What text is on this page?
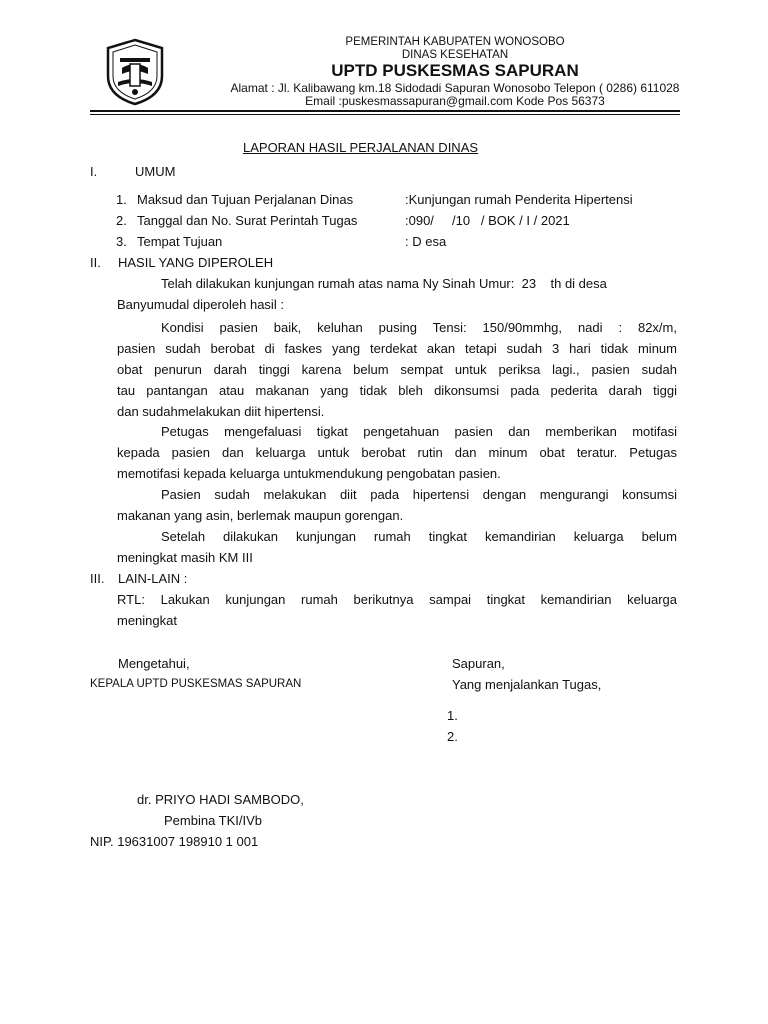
PEMERINTAH KABUPATEN WONOSOBO
DINAS KESEHATAN
UPTD PUSKESMAS SAPURAN
Alamat : Jl. Kalibawang km.18 Sidodadi Sapuran Wonosobo Telepon ( 0286) 611028
Email :puskesmassapuran@gmail.com Kode Pos 56373
LAPORAN HASIL PERJALANAN DINAS
I.	UMUM
1. Maksud dan Tujuan Perjalanan Dinas	:Kunjungan rumah Penderita Hipertensi
2. Tanggal dan No. Surat Perintah Tugas	:090/     /10   / BOK / I / 2021
3. Tempat Tujuan	: D esa
II. HASIL YANG DIPEROLEH
Telah dilakukan kunjungan rumah atas nama Ny Sinah Umur:  23    th di desa
Banyumudal diperoleh hasil :
Kondisi pasien baik, keluhan pusing Tensi: 150/90mmhg, nadi : 82x/m,
pasien sudah berobat di faskes yang terdekat akan tetapi sudah 3 hari tidak minum
obat penurun darah tinggi karena belum sempat untuk periksa lagi., pasien sudah
tau pantangan atau makanan yang tidak bleh dikonsumsi pada pederita darah tiggi
dan sudahmelakukan diit hipertensi.
Petugas mengefaluasi tigkat pengetahuan pasien dan memberikan motifasi
kepada pasien dan keluarga untuk berobat rutin dan minum obat teratur. Petugas
memotifasi kepada keluarga untukmendukung pengobatan pasien.
Pasien sudah melakukan diit pada hipertensi dengan mengurangi konsumsi
makanan yang asin, berlemak maupun gorengan.
Setelah dilakukan kunjungan rumah tingkat kemandirian keluarga belum
meningkat masih KM III
III. LAIN-LAIN :
RTL: Lakukan kunjungan rumah berikutnya sampai tingkat kemandirian keluarga
meningkat
Mengetahui,
KEPALA UPTD PUSKESMAS SAPURAN
Sapuran,
Yang menjalankan Tugas,
1.
2.
dr. PRIYO HADI SAMBODO,
Pembina TKI/IVb
NIP. 19631007 198910 1 001
